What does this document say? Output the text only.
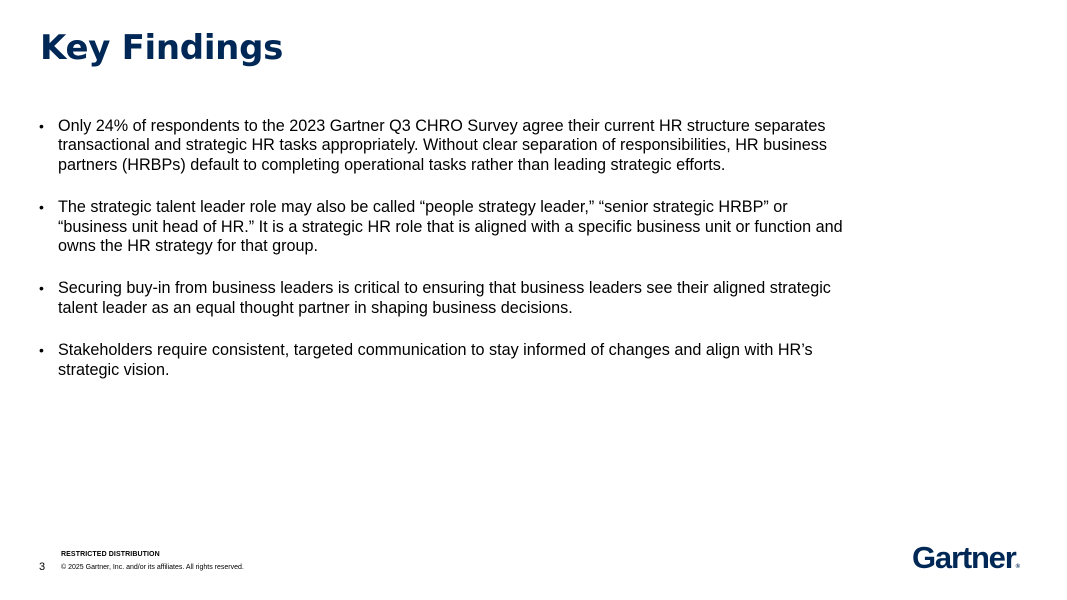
Key Findings
• Only 24% of respondents to the 2023 Gartner Q3 CHRO Survey agree their current HR structure separates transactional and strategic HR tasks appropriately. Without clear separation of responsibilities, HR business partners (HRBPs) default to completing operational tasks rather than leading strategic efforts.
• The strategic talent leader role may also be called “people strategy leader,” “senior strategic HRBP” or “business unit head of HR.” It is a strategic HR role that is aligned with a specific business unit or function and owns the HR strategy for that group.
• Securing buy-in from business leaders is critical to ensuring that business leaders see their aligned strategic talent leader as an equal thought partner in shaping business decisions.
• Stakeholders require consistent, targeted communication to stay informed of changes and align with HR’s strategic vision.
RESTRICTED DISTRIBUTION
3 © 2025 Gartner, Inc. and/or its affiliates. All rights reserved.	Gartner®
